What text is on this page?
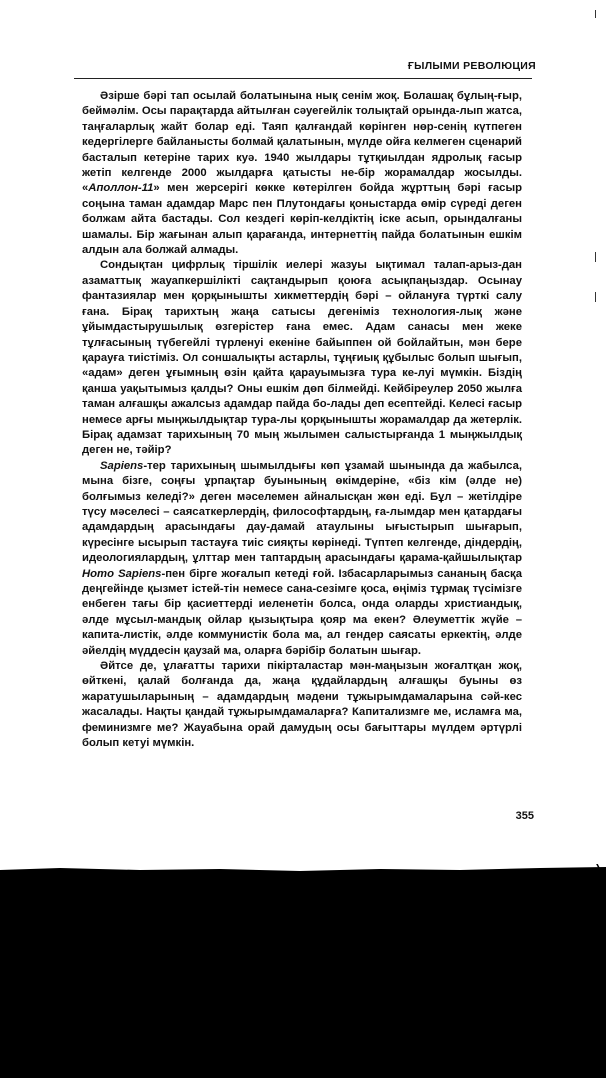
ҒЫЛЫМИ РЕВОЛЮЦИЯ

Әзірше бәрі тап осылай болатынына нық сенім жоқ. Болашақ бұлың-ғыр, беймәлім. Осы парақтарда айтылған сәуегейлік толықтай орында-лып жатса, таңғаларлық жайт болар еді. Таяп қалғандай көрінген нөр-сенің күтпеген кедергілерге байланысты болмай қалатынын, мүлде ойға келмеген сценарий басталып кетеріне тарих куә. 1940 жылдары тұтқиылдан ядролық ғасыр жетіп келгенде 2000 жылдарға қатысты не-бір жорамалдар жосылды. «Аполлон-11» мен жерсерігі көкке көтерілген бойда жұрттың бәрі ғасыр соңына таман адамдар Марс пен Плутондағы қоныстарда өмір сүреді деген болжам айта бастады. Сол кездегі көріп-келдіктің іске асып, орындалғаны шамалы. Бір жағынан алып қарағанда, интернеттің пайда болатынын ешкім алдын ала болжай алмады.

Сондықтан цифрлық тіршілік иелері жазуы ықтимал талап-арыз-дан азаматтық жауапкершілікті сақтандырып қоюға асықпаңыздар. Осынау фантазиялар мен қорқынышты хикметтердің бәрі – ойлануға түрткі салу ғана. Бірақ тарихтың жаңа сатысы дегеніміз технология-лық және ұйымдастырушылық өзгерістер ғана емес. Адам санасы мен жеке тұлғасының түбегейлі түрленуі екеніне байыппен ой бойлайтын, мән бере қарауға тиістіміз. Ол соншалықты астарлы, тұңғиық құбылыс болып шығып, «адам» деген ұғымның өзін қайта қарауымызға тура ке-луі мүмкін. Біздің қанша уақытымыз қалды? Оны ешкім дөп білмейді. Кейбіреулер 2050 жылға таман алғашқы ажалсыз адамдар пайда бо-лады деп есептейді. Келесі ғасыр немесе арғы мыңжылдықтар тура-лы қорқынышты жорамалдар да жетерлік. Бірақ адамзат тарихының 70 мың жылымен салыстырғанда 1 мыңжылдық деген не, тәйір?

Sapiens-тер тарихының шымылдығы көп ұзамай шынында да жабылса, мына бізге, соңғы ұрпақтар буынының өкімдеріне, «біз кім (әлде не) болғымыз келеді?» деген мәселемен айналысқан жөн еді. Бұл – жетілдіре түсу мәселесі – саясаткерлердің, философтардың, ға-лымдар мен қатардағы адамдардың арасындағы дау-дамай атаулыны ығыстырып шығарып, күресінге ысырып тастауға тиіс сияқты көрінеді. Түптеп келгенде, діндердің, идеологиялардың, ұлттар мен таптардың арасындағы қарама-қайшылықтар Homo Sapiens-пен бірге жоғалып кетеді ғой. Ізбасарларымыз сананың басқа деңгейінде қызмет істей-тін немесе сана-сезімге қоса, өңіміз тұрмақ түсімізге енбеген тағы бір қасиеттерді иеленетін болса, онда оларды христиандық, әлде мұсыл-мандық ойлар қызықтыра қояр ма екен? Әлеуметтік жүйе – капита-листік, әлде коммунистік бола ма, ал гендер саясаты еркектің, әлде әйелдің мүддесін қаузай ма, оларға бәрібір болатын шығар.

Әйтсе де, ұлағатты тарихи пікірталастар мән-маңызын жоғалтқан жоқ, өйткені, қалай болғанда да, жаңа құдайлардың алғашқы буыны өз жаратушыларының – адамдардың мәдени тұжырымдамаларына сәй-кес жасалады. Нақты қандай тұжырымдамаларға? Капитализмге ме, исламға ма, феминизмге ме? Жауабына орай дамудың осы бағыттары мүлдем әртүрлі болып кетуі мүмкін.

355
